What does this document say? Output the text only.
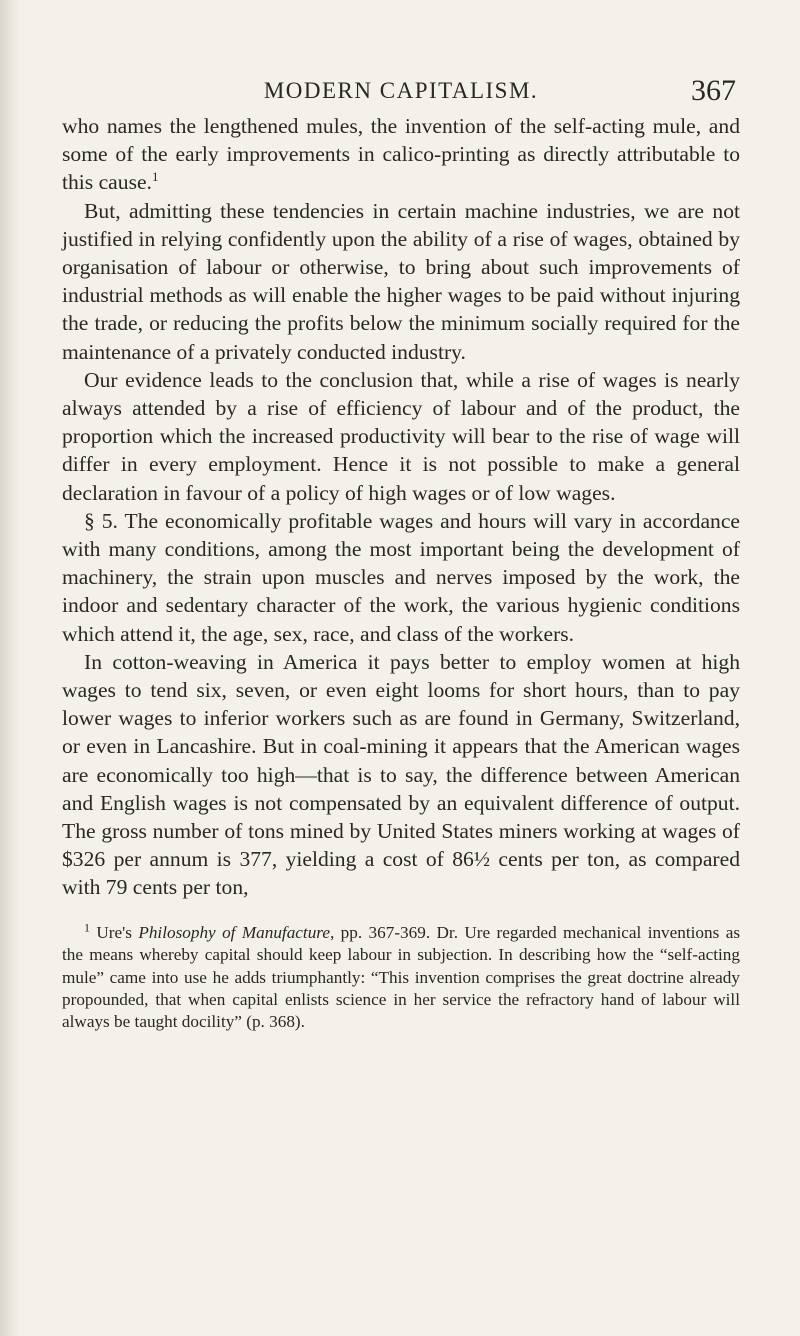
MODERN CAPITALISM.	367

who names the lengthened mules, the invention of the self-acting mule, and some of the early improvements in calico-printing as directly attributable to this cause.$^1$

But, admitting these tendencies in certain machine industries, we are not justified in relying confidently upon the ability of a rise of wages, obtained by organisation of labour or otherwise, to bring about such improvements of industrial methods as will enable the higher wages to be paid without injuring the trade, or reducing the profits below the minimum socially required for the maintenance of a privately conducted industry.

Our evidence leads to the conclusion that, while a rise of wages is nearly always attended by a rise of efficiency of labour and of the product, the proportion which the increased productivity will bear to the rise of wage will differ in every employment. Hence it is not possible to make a general declaration in favour of a policy of high wages or of low wages.

§ 5. The economically profitable wages and hours will vary in accordance with many conditions, among the most important being the development of machinery, the strain upon muscles and nerves imposed by the work, the indoor and sedentary character of the work, the various hygienic conditions which attend it, the age, sex, race, and class of the workers.

In cotton-weaving in America it pays better to employ women at high wages to tend six, seven, or even eight looms for short hours, than to pay lower wages to inferior workers such as are found in Germany, Switzerland, or even in Lancashire. But in coal-mining it appears that the American wages are economically too high—that is to say, the difference between American and English wages is not compensated by an equivalent difference of output. The gross number of tons mined by United States miners working at wages of $326 per annum is 377, yielding a cost of 86½ cents per ton, as compared with 79 cents per ton,

$^1$ Ure's Philosophy of Manufacture, pp. 367-369. Dr. Ure regarded mechanical inventions as the means whereby capital should keep labour in subjection. In describing how the “self-acting mule” came into use he adds triumphantly: “This invention comprises the great doctrine already propounded, that when capital enlists science in her service the refractory hand of labour will always be taught docility” (p. 368).
